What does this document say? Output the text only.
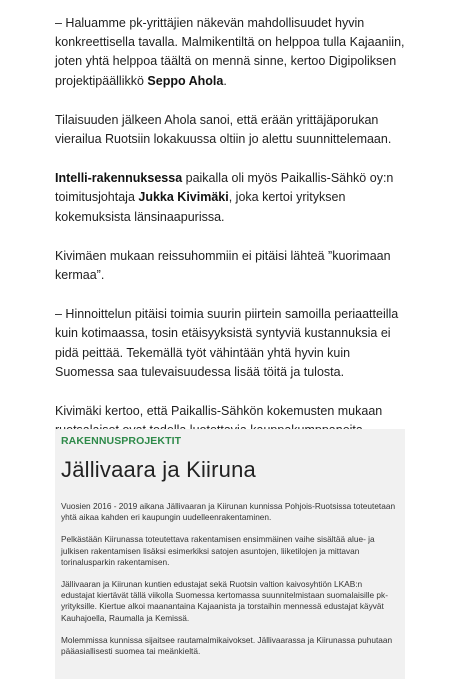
– Haluamme pk-yrittäjien näkevän mahdollisuudet hyvin konkreettisella tavalla. Malmikentiltä on helppoa tulla Kajaaniin, joten yhtä helppoa täältä on mennä sinne, kertoo Digipoliksen projektipäällikkö Seppo Ahola.

Tilaisuuden jälkeen Ahola sanoi, että erään yrittäjäporukan vierailua Ruotsiin lokakuussa oltiin jo alettu suunnittelemaan.

Intelli-rakennuksessa paikalla oli myös Paikallis-Sähkö oy:n toimitusjohtaja Jukka Kivimäki, joka kertoi yrityksen kokemuksista länsinaapurissa.

Kivimäen mukaan reissuhommiin ei pitäisi lähteä ”kuorimaan kermaa”.

– Hinnoittelun pitäisi toimia suurin piirtein samoilla periaatteilla kuin kotimaassa, tosin etäisyyksistä syntyviä kustannuksia ei pidä peittää. Tekemällä työt vähintään yhtä hyvin kuin Suomessa saa tulevaisuudessa lisää töitä ja tulosta.

Kivimäki kertoo, että Paikallis-Sähkön kokemusten mukaan

RAKENNUSPROJEKTIT
Jällivaara ja Kiiruna

Vuosien 2016 - 2019 aikana Jällivaaran ja Kiirunan kunnissa Pohjois-Ruotsissa toteutetaan yhtä aikaa kahden eri kaupungin uudelleenrakentaminen.

Pelkästään Kiirunassa toteutettava rakentamisen ensimmäinen vaihe sisältää alue- ja julkisen rakentamisen lisäksi esimerkiksi satojen asuntojen, liiketilojen ja mittavan torinalusparkin rakentamisen.

Jällivaaran ja Kiirunan kuntien edustajat sekä Ruotsin valtion kaivosyhtiön LKAB:n edustajat kiertävät tällä viikolla Suomessa kertomassa suunnitelmistaan suomalaisille pk-yrityksille. Kiertue alkoi maanantaina Kajaanista ja torstaihin mennessä edustajat käyvät Kauhajoella, Raumalla ja Kemissä.

Molemmissa kunnissa sijaitsee rautamalmikaivokset. Jällivaarassa ja Kiirunassa puhutaan pääasiallisesti suomea tai meänkieltä.
